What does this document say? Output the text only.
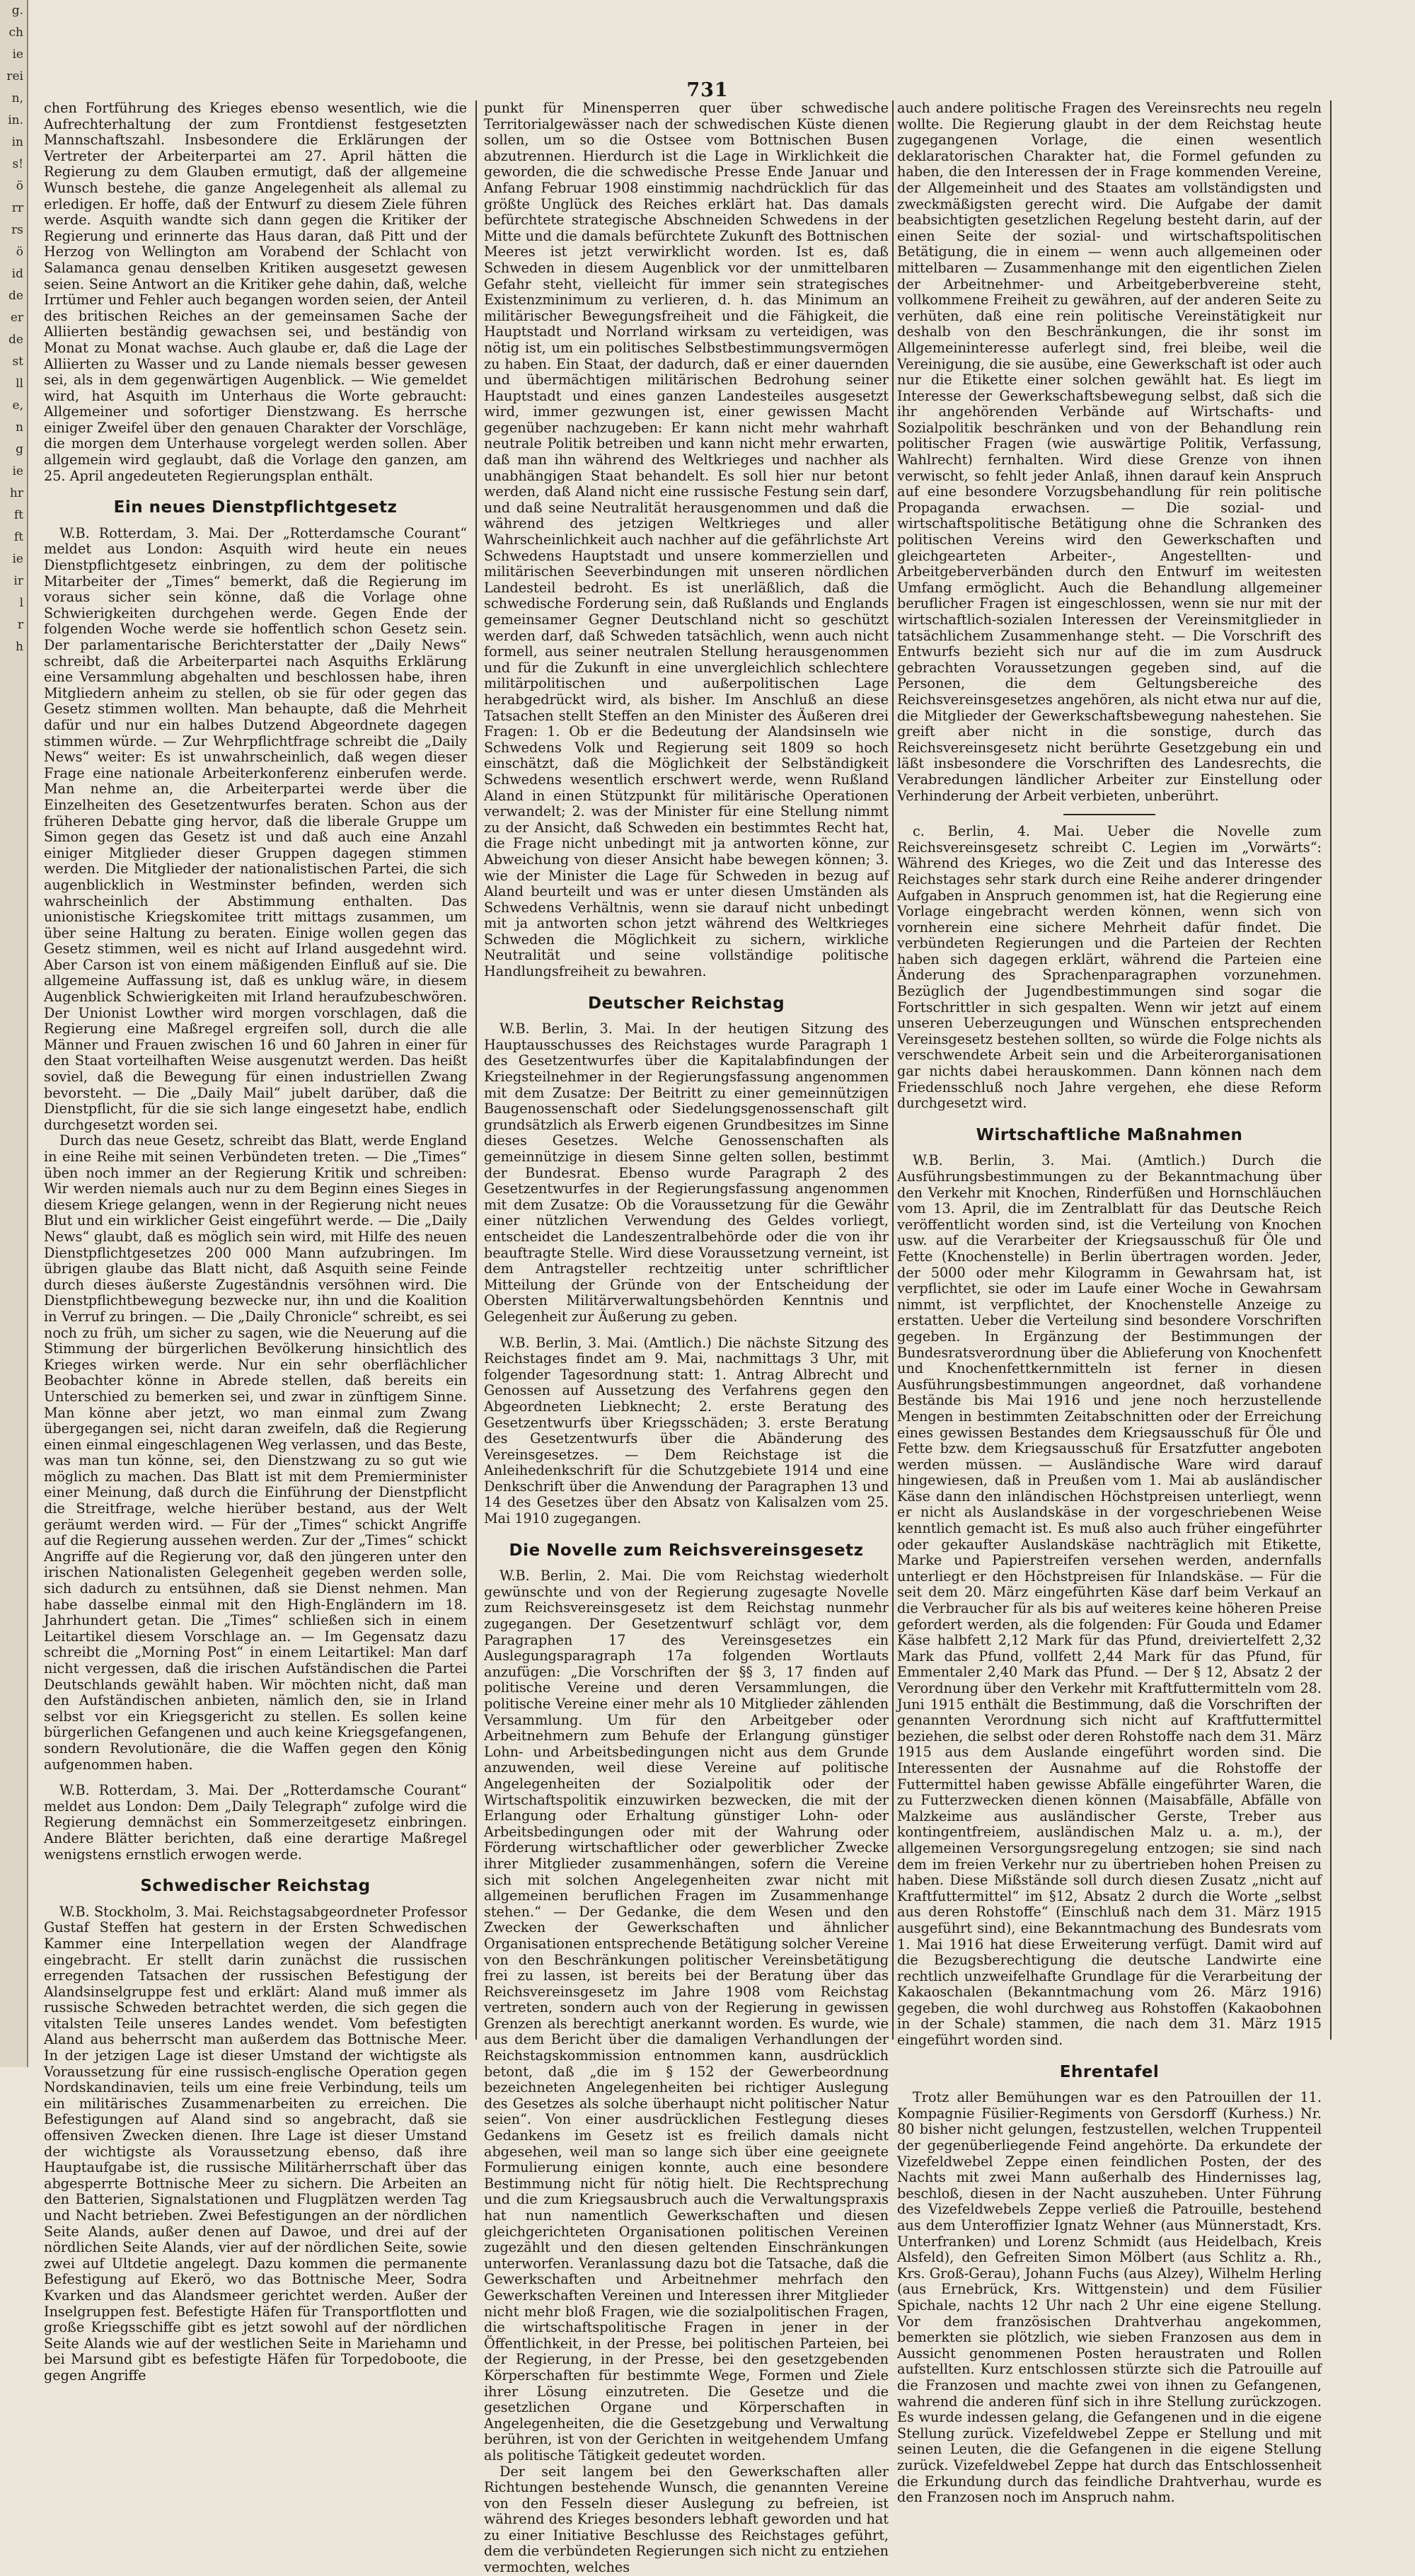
g.
ch
ie
rei
n,
in.
in
s!
ö
rr
rs
ö
id
de
er
de
st
ll
e,
n
g
ie
hr
ft
ft
ie
ir
l
r
h
731

chen Fortführung des Krieges ebenso wesentlich, wie die Aufrechterhaltung der zum Frontdienst festgesetzten Mannschaftszahl. Insbesondere die Erklärungen der Vertreter der Arbeiterpartei am 27. April hätten die Regierung zu dem Glauben ermutigt, daß der allgemeine Wunsch bestehe, die ganze Angelegenheit als allemal zu erledigen. Er hoffe, daß der Entwurf zu diesem Ziele führen werde. Asquith wandte sich dann gegen die Kritiker der Regierung und erinnerte das Haus daran, daß Pitt und der Herzog von Wellington am Vorabend der Schlacht von Salamanca genau denselben Kritiken ausgesetzt gewesen seien. Seine Antwort an die Kritiker gehe dahin, daß, welche Irrtümer und Fehler auch begangen worden seien, der Anteil des britischen Reiches an der gemeinsamen Sache der Alliierten beständig gewachsen sei, und beständig von Monat zu Monat wachse. Auch glaube er, daß die Lage der Alliierten zu Wasser und zu Lande niemals besser gewesen sei, als in dem gegenwärtigen Augenblick. — Wie gemeldet wird, hat Asquith im Unterhaus die Worte gebraucht: Allgemeiner und sofortiger Dienstzwang. Es herrsche einiger Zweifel über den genauen Charakter der Vorschläge, die morgen dem Unterhause vorgelegt werden sollen. Aber allgemein wird geglaubt, daß die Vorlage den ganzen, am 25. April angedeuteten Regierungsplan enthält.

Ein neues Dienstpflichtgesetz

W.B. Rotterdam, 3. Mai. Der „Rotterdamsche Courant“ meldet aus London: Asquith wird heute ein neues Dienstpflichtgesetz einbringen, zu dem der politische Mitarbeiter der „Times“ bemerkt, daß die Regierung im voraus sicher sein könne, daß die Vorlage ohne Schwierigkeiten durchgehen werde. Gegen Ende der folgenden Woche werde sie hoffentlich schon Gesetz sein. Der parlamentarische Berichterstatter der „Daily News“ schreibt, daß die Arbeiterpartei nach Asquiths Erklärung eine Versammlung abgehalten und beschlossen habe, ihren Mitgliedern anheim zu stellen, ob sie für oder gegen das Gesetz stimmen wollten. Man behaupte, daß die Mehrheit dafür und nur ein halbes Dutzend Abgeordnete dagegen stimmen würde. — Zur Wehrpflichtfrage schreibt die „Daily News“ weiter: Es ist unwahrscheinlich, daß wegen dieser Frage eine nationale Arbeiterkonferenz einberufen werde. Man nehme an, die Arbeiterpartei werde über die Einzelheiten des Gesetzentwurfes beraten. Schon aus der früheren Debatte ging hervor, daß die liberale Gruppe um Simon gegen das Gesetz ist und daß auch eine Anzahl einiger Mitglieder dieser Gruppen dagegen stimmen werden. Die Mitglieder der nationalistischen Partei, die sich augenblicklich in Westminster befinden, werden sich wahrscheinlich der Abstimmung enthalten. Das unionistische Kriegskomitee tritt mittags zusammen, um über seine Haltung zu beraten. Einige wollen gegen das Gesetz stimmen, weil es nicht auf Irland ausgedehnt wird. Aber Carson ist von einem mäßigenden Einfluß auf sie. Die allgemeine Auffassung ist, daß es unklug wäre, in diesem Augenblick Schwierigkeiten mit Irland heraufzubeschwören. Der Unionist Lowther wird morgen vorschlagen, daß die Regierung eine Maßregel ergreifen soll, durch die alle Männer und Frauen zwischen 16 und 60 Jahren in einer für den Staat vorteilhaften Weise ausgenutzt werden. Das heißt soviel, daß die Bewegung für einen industriellen Zwang bevorsteht. — Die „Daily Mail“ jubelt darüber, daß die Dienstpflicht, für die sie sich lange eingesetzt habe, endlich durchgesetzt worden sei.

Durch das neue Gesetz, schreibt das Blatt, werde England in eine Reihe mit seinen Verbündeten treten. — Die „Times“ üben noch immer an der Regierung Kritik und schreiben: Wir werden niemals auch nur zu dem Beginn eines Sieges in diesem Kriege gelangen, wenn in der Regierung nicht neues Blut und ein wirklicher Geist eingeführt werde. — Die „Daily News“ glaubt, daß es möglich sein wird, mit Hilfe des neuen Dienstpflichtgesetzes 200 000 Mann aufzubringen. Im übrigen glaube das Blatt nicht, daß Asquith seine Feinde durch dieses äußerste Zugeständnis versöhnen wird. Die Dienstpflichtbewegung bezwecke nur, ihn und die Koalition in Verruf zu bringen. — Die „Daily Chronicle“ schreibt, es sei noch zu früh, um sicher zu sagen, wie die Neuerung auf die Stimmung der bürgerlichen Bevölkerung hinsichtlich des Krieges wirken werde. Nur ein sehr oberflächlicher Beobachter könne in Abrede stellen, daß bereits ein Unterschied zu bemerken sei, und zwar in zünftigem Sinne. Man könne aber jetzt, wo man einmal zum Zwang übergegangen sei, nicht daran zweifeln, daß die Regierung einen einmal eingeschlagenen Weg verlassen, und das Beste, was man tun könne, sei, den Dienstzwang zu so gut wie möglich zu machen. Das Blatt ist mit dem Premierminister einer Meinung, daß durch die Einführung der Dienstpflicht die Streitfrage, welche hierüber bestand, aus der Welt geräumt werden wird. — Für der „Times“ schickt Angriffe auf die Regierung aussehen werden. Zur der „Times“ schickt Angriffe auf die Regierung vor, daß den jüngeren unter den irischen Nationalisten Gelegenheit gegeben werden solle, sich dadurch zu entsühnen, daß sie Dienst nehmen. Man habe dasselbe einmal mit den High-Engländern im 18. Jahrhundert getan. Die „Times“ schließen sich in einem Leitartikel diesem Vorschlage an. — Im Gegensatz dazu schreibt die „Morning Post“ in einem Leitartikel: Man darf nicht vergessen, daß die irischen Aufständischen die Partei Deutschlands gewählt haben. Wir möchten nicht, daß man den Aufständischen anbieten, nämlich den, sie in Irland selbst vor ein Kriegsgericht zu stellen. Es sollen keine bürgerlichen Gefangenen und auch keine Kriegsgefangenen, sondern Revolutionäre, die die Waffen gegen den König aufgenommen haben.

W.B. Rotterdam, 3. Mai. Der „Rotterdamsche Courant“ meldet aus London: Dem „Daily Telegraph“ zufolge wird die Regierung demnächst ein Sommerzeitgesetz einbringen. Andere Blätter berichten, daß eine derartige Maßregel wenigstens ernstlich erwogen werde.

Schwedischer Reichstag

W.B. Stockholm, 3. Mai. Reichstagsabgeordneter Professor Gustaf Steffen hat gestern in der Ersten Schwedischen Kammer eine Interpellation wegen der Alandfrage eingebracht. Er stellt darin zunächst die russischen erregenden Tatsachen der russischen Befestigung der Alandsinselgruppe fest und erklärt: Aland muß immer als russische Schweden betrachtet werden, die sich gegen die vitalsten Teile unseres Landes wendet. Vom befestigten Aland aus beherrscht man außerdem das Bottnische Meer. In der jetzigen Lage ist dieser Umstand der wichtigste als Voraussetzung für eine russisch-englische Operation gegen Nordskandinavien, teils um eine freie Verbindung, teils um ein militärisches Zusammenarbeiten zu erreichen. Die Befestigungen auf Aland sind so angebracht, daß sie offensiven Zwecken dienen. Ihre Lage ist dieser Umstand der wichtigste als Voraussetzung ebenso, daß ihre Hauptaufgabe ist, die russische Militärherrschaft über das abgesperrte Bottnische Meer zu sichern. Die Arbeiten an den Batterien, Signalstationen und Flugplätzen werden Tag und Nacht betrieben. Zwei Befestigungen an der nördlichen Seite Alands, außer denen auf Dawoe, und drei auf der nördlichen Seite Alands, vier auf der nördlichen Seite, sowie zwei auf Ultdetie angelegt. Dazu kommen die permanente Befestigung auf Ekerö, wo das Bottnische Meer, Sodra Kvarken und das Alandsmeer gerichtet werden. Außer der Inselgruppen fest. Befestigte Häfen für Transportflotten und große Kriegsschiffe gibt es jetzt sowohl auf der nördlichen Seite Alands wie auf der westlichen Seite in Mariehamn und bei Marsund gibt es befestigte Häfen für Torpedoboote, die gegen Angriffe

punkt für Minensperren quer über schwedische Territorialgewässer nach der schwedischen Küste dienen sollen, um so die Ostsee vom Bottnischen Busen abzutrennen. Hierdurch ist die Lage in Wirklichkeit die geworden, die die schwedische Presse Ende Januar und Anfang Februar 1908 einstimmig nachdrücklich für das größte Unglück des Reiches erklärt hat. Das damals befürchtete strategische Abschneiden Schwedens in der Mitte und die damals befürchtete Zukunft des Bottnischen Meeres ist jetzt verwirklicht worden. Ist es, daß Schweden in diesem Augenblick vor der unmittelbaren Gefahr steht, vielleicht für immer sein strategisches Existenzminimum zu verlieren, d. h. das Minimum an militärischer Bewegungsfreiheit und die Fähigkeit, die Hauptstadt und Norrland wirksam zu verteidigen, was nötig ist, um ein politisches Selbstbestimmungsvermögen zu haben. Ein Staat, der dadurch, daß er einer dauernden und übermächtigen militärischen Bedrohung seiner Hauptstadt und eines ganzen Landesteiles ausgesetzt wird, immer gezwungen ist, einer gewissen Macht gegenüber nachzugeben: Er kann nicht mehr wahrhaft neutrale Politik betreiben und kann nicht mehr erwarten, daß man ihn während des Weltkrieges und nachher als unabhängigen Staat behandelt. Es soll hier nur betont werden, daß Aland nicht eine russische Festung sein darf, und daß seine Neutralität herausgenommen und daß die während des jetzigen Weltkrieges und aller Wahrscheinlichkeit auch nachher auf die gefährlichste Art Schwedens Hauptstadt und unsere kommerziellen und militärischen Seeverbindungen mit unseren nördlichen Landesteil bedroht. Es ist unerläßlich, daß die schwedische Forderung sein, daß Rußlands und Englands gemeinsamer Gegner Deutschland nicht so geschützt werden darf, daß Schweden tatsächlich, wenn auch nicht formell, aus seiner neutralen Stellung herausgenommen und für die Zukunft in eine unvergleichlich schlechtere militärpolitischen und außerpolitischen Lage herabgedrückt wird, als bisher. Im Anschluß an diese Tatsachen stellt Steffen an den Minister des Äußeren drei Fragen: 1. Ob er die Bedeutung der Alandsinseln wie Schwedens Volk und Regierung seit 1809 so hoch einschätzt, daß die Möglichkeit der Selbständigkeit Schwedens wesentlich erschwert werde, wenn Rußland Aland in einen Stützpunkt für militärische Operationen verwandelt; 2. was der Minister für eine Stellung nimmt zu der Ansicht, daß Schweden ein bestimmtes Recht hat, die Frage nicht unbedingt mit ja antworten könne, zur Abweichung von dieser Ansicht habe bewegen können; 3. wie der Minister die Lage für Schweden in bezug auf Aland beurteilt und was er unter diesen Umständen als Schwedens Verhältnis, wenn sie darauf nicht unbedingt mit ja antworten schon jetzt während des Weltkrieges Schweden die Möglichkeit zu sichern, wirkliche Neutralität und seine vollständige politische Handlungsfreiheit zu bewahren.

Deutscher Reichstag

W.B. Berlin, 3. Mai. In der heutigen Sitzung des Hauptausschusses des Reichstages wurde Paragraph 1 des Gesetzentwurfes über die Kapitalabfindungen der Kriegsteilnehmer in der Regierungsfassung angenommen mit dem Zusatze: Der Beitritt zu einer gemeinnützigen Baugenossenschaft oder Siedelungsgenossenschaft gilt grundsätzlich als Erwerb eigenen Grundbesitzes im Sinne dieses Gesetzes. Welche Genossenschaften als gemeinnützige in diesem Sinne gelten sollen, bestimmt der Bundesrat. Ebenso wurde Paragraph 2 des Gesetzentwurfes in der Regierungsfassung angenommen mit dem Zusatze: Ob die Voraussetzung für die Gewähr einer nützlichen Verwendung des Geldes vorliegt, entscheidet die Landeszentralbehörde oder die von ihr beauftragte Stelle. Wird diese Voraussetzung verneint, ist dem Antragsteller rechtzeitig unter schriftlicher Mitteilung der Gründe von der Entscheidung der Obersten Militärverwaltungsbehörden Kenntnis und Gelegenheit zur Äußerung zu geben.

W.B. Berlin, 3. Mai. (Amtlich.) Die nächste Sitzung des Reichstages findet am 9. Mai, nachmittags 3 Uhr, mit folgender Tagesordnung statt: 1. Antrag Albrecht und Genossen auf Aussetzung des Verfahrens gegen den Abgeordneten Liebknecht; 2. erste Beratung des Gesetzentwurfs über Kriegsschäden; 3. erste Beratung des Gesetzentwurfs über die Abänderung des Vereinsgesetzes. — Dem Reichstage ist die Anleihedenkschrift für die Schutzgebiete 1914 und eine Denkschrift über die Anwendung der Paragraphen 13 und 14 des Gesetzes über den Absatz von Kalisalzen vom 25. Mai 1910 zugegangen.

Die Novelle zum Reichsvereinsgesetz

W.B. Berlin, 2. Mai. Die vom Reichstag wiederholt gewünschte und von der Regierung zugesagte Novelle zum Reichsvereinsgesetz ist dem Reichstag nunmehr zugegangen. Der Gesetzentwurf schlägt vor, dem Paragraphen 17 des Vereinsgesetzes ein Auslegungsparagraph 17a folgenden Wortlauts anzufügen: „Die Vorschriften der §§ 3, 17 finden auf politische Vereine und deren Versammlungen, die politische Vereine einer mehr als 10 Mitglieder zählenden Versammlung. Um für den Arbeitgeber oder Arbeitnehmern zum Behufe der Erlangung günstiger Lohn- und Arbeitsbedingungen nicht aus dem Grunde anzuwenden, weil diese Vereine auf politische Angelegenheiten der Sozialpolitik oder der Wirtschaftspolitik einzuwirken bezwecken, die mit der Erlangung oder Erhaltung günstiger Lohn- oder Arbeitsbedingungen oder mit der Wahrung oder Förderung wirtschaftlicher oder gewerblicher Zwecke ihrer Mitglieder zusammenhängen, sofern die Vereine sich mit solchen Angelegenheiten zwar nicht mit allgemeinen beruflichen Fragen im Zusammenhange stehen.“ — Der Gedanke, die dem Wesen und den Zwecken der Gewerkschaften und ähnlicher Organisationen entsprechende Betätigung solcher Vereine von den Beschränkungen politischer Vereinsbetätigung frei zu lassen, ist bereits bei der Beratung über das Reichsvereinsgesetz im Jahre 1908 vom Reichstag vertreten, sondern auch von der Regierung in gewissen Grenzen als berechtigt anerkannt worden. Es wurde, wie aus dem Bericht über die damaligen Verhandlungen der Reichstagskommission entnommen kann, ausdrücklich betont, daß „die im § 152 der Gewerbeordnung bezeichneten Angelegenheiten bei richtiger Auslegung des Gesetzes als solche überhaupt nicht politischer Natur seien“. Von einer ausdrücklichen Festlegung dieses Gedankens im Gesetz ist es freilich damals nicht abgesehen, weil man so lange sich über eine geeignete Formulierung einigen konnte, auch eine besondere Bestimmung nicht für nötig hielt. Die Rechtsprechung und die zum Kriegsausbruch auch die Verwaltungspraxis hat nun namentlich Gewerkschaften und diesen gleichgerichteten Organisationen politischen Vereinen zugezählt und den diesen geltenden Einschränkungen unterworfen. Veranlassung dazu bot die Tatsache, daß die Gewerkschaften und Arbeitnehmer mehrfach den Gewerkschaften Vereinen und Interessen ihrer Mitglieder nicht mehr bloß Fragen, wie die sozialpolitischen Fragen, die wirtschaftspolitische Fragen in jener in der Öffentlichkeit, in der Presse, bei politischen Parteien, bei der Regierung, in der Presse, bei den gesetzgebenden Körperschaften für bestimmte Wege, Formen und Ziele ihrer Lösung einzutreten. Die Gesetze und die gesetzlichen Organe und Körperschaften in Angelegenheiten, die die Gesetzgebung und Verwaltung berühren, ist von der Gerichten in weitgehendem Umfang als politische Tätigkeit gedeutet worden.

Der seit langem bei den Gewerkschaften aller Richtungen bestehende Wunsch, die genannten Vereine von den Fesseln dieser Auslegung zu befreien, ist während des Krieges besonders lebhaft geworden und hat zu einer Initiative Beschlusse des Reichstages geführt, dem die verbündeten Regierungen sich nicht zu entziehen vermochten, welches

auch andere politische Fragen des Vereinsrechts neu regeln wollte. Die Regierung glaubt in der dem Reichstag heute zugegangenen Vorlage, die einen wesentlich deklaratorischen Charakter hat, die Formel gefunden zu haben, die den Interessen der in Frage kommenden Vereine, der Allgemeinheit und des Staates am vollständigsten und zweckmäßigsten gerecht wird. Die Aufgabe der damit beabsichtigten gesetzlichen Regelung besteht darin, auf der einen Seite der sozial- und wirtschaftspolitischen Betätigung, die in einem — wenn auch allgemeinen oder mittelbaren — Zusammenhange mit den eigentlichen Zielen der Arbeitnehmer- und Arbeitgeberbvereine steht, vollkommene Freiheit zu gewähren, auf der anderen Seite zu verhüten, daß eine rein politische Vereinstätigkeit nur deshalb von den Beschränkungen, die ihr sonst im Allgemeininteresse auferlegt sind, frei bleibe, weil die Vereinigung, die sie ausübe, eine Gewerkschaft ist oder auch nur die Etikette einer solchen gewählt hat. Es liegt im Interesse der Gewerkschaftsbewegung selbst, daß sich die ihr angehörenden Verbände auf Wirtschafts- und Sozialpolitik beschränken und von der Behandlung rein politischer Fragen (wie auswärtige Politik, Verfassung, Wahlrecht) fernhalten. Wird diese Grenze von ihnen verwischt, so fehlt jeder Anlaß, ihnen darauf kein Anspruch auf eine besondere Vorzugsbehandlung für rein politische Propaganda erwachsen. — Die sozial- und wirtschaftspolitische Betätigung ohne die Schranken des politischen Vereins wird den Gewerkschaften und gleichgearteten Arbeiter-, Angestellten- und Arbeitgeberverbänden durch den Entwurf im weitesten Umfang ermöglicht. Auch die Behandlung allgemeiner beruflicher Fragen ist eingeschlossen, wenn sie nur mit der wirtschaftlich-sozialen Interessen der Vereinsmitglieder in tatsächlichem Zusammenhange steht. — Die Vorschrift des Entwurfs bezieht sich nur auf die im zum Ausdruck gebrachten Voraussetzungen gegeben sind, auf die Personen, die dem Geltungsbereiche des Reichsvereinsgesetzes angehören, als nicht etwa nur auf die, die Mitglieder der Gewerkschaftsbewegung nahestehen. Sie greift aber nicht in die sonstige, durch das Reichsvereinsgesetz nicht berührte Gesetzgebung ein und läßt insbesondere die Vorschriften des Landesrechts, die Verabredungen ländlicher Arbeiter zur Einstellung oder Verhinderung der Arbeit verbieten, unberührt.

c. Berlin, 4. Mai. Ueber die Novelle zum Reichsvereinsgesetz schreibt C. Legien im „Vorwärts“: Während des Krieges, wo die Zeit und das Interesse des Reichstages sehr stark durch eine Reihe anderer dringender Aufgaben in Anspruch genommen ist, hat die Regierung eine Vorlage eingebracht werden können, wenn sich von vornherein eine sichere Mehrheit dafür findet. Die verbündeten Regierungen und die Parteien der Rechten haben sich dagegen erklärt, während die Parteien eine Änderung des Sprachenparagraphen vorzunehmen. Bezüglich der Jugendbestimmungen sind sogar die Fortschrittler in sich gespalten. Wenn wir jetzt auf einem unseren Ueberzeugungen und Wünschen entsprechenden Vereinsgesetz bestehen sollten, so würde die Folge nichts als verschwendete Arbeit sein und die Arbeiterorganisationen gar nichts dabei herauskommen. Dann können nach dem Friedensschluß noch Jahre vergehen, ehe diese Reform durchgesetzt wird.

Wirtschaftliche Maßnahmen

W.B. Berlin, 3. Mai. (Amtlich.) Durch die Ausführungsbestimmungen zu der Bekanntmachung über den Verkehr mit Knochen, Rinderfüßen und Hornschläuchen vom 13. April, die im Zentralblatt für das Deutsche Reich veröffentlicht worden sind, ist die Verteilung von Knochen usw. auf die Verarbeiter der Kriegsausschuß für Öle und Fette (Knochenstelle) in Berlin übertragen worden. Jeder, der 5000 oder mehr Kilogramm in Gewahrsam hat, ist verpflichtet, sie oder im Laufe einer Woche in Gewahrsam nimmt, ist verpflichtet, der Knochenstelle Anzeige zu erstatten. Ueber die Verteilung sind besondere Vorschriften gegeben. In Ergänzung der Bestimmungen der Bundesratsverordnung über die Ablieferung von Knochenfett und Knochenfettkernmitteln ist ferner in diesen Ausführungsbestimmungen angeordnet, daß vorhandene Bestände bis Mai 1916 und jene noch herzustellende Mengen in bestimmten Zeitabschnitten oder der Erreichung eines gewissen Bestandes dem Kriegsausschuß für Öle und Fette bzw. dem Kriegsausschuß für Ersatzfutter angeboten werden müssen. — Ausländische Ware wird darauf hingewiesen, daß in Preußen vom 1. Mai ab ausländischer Käse dann den inländischen Höchstpreisen unterliegt, wenn er nicht als Auslandskäse in der vorgeschriebenen Weise kenntlich gemacht ist. Es muß also auch früher eingeführter oder gekaufter Auslandskäse nachträglich mit Etikette, Marke und Papierstreifen versehen werden, andernfalls unterliegt er den Höchstpreisen für Inlandskäse. — Für die seit dem 20. März eingeführten Käse darf beim Verkauf an die Verbraucher für als bis auf weiteres keine höheren Preise gefordert werden, als die folgenden: Für Gouda und Edamer Käse halbfett 2,12 Mark für das Pfund, dreiviertelfett 2,32 Mark das Pfund, vollfett 2,44 Mark für das Pfund, für Emmentaler 2,40 Mark das Pfund. — Der § 12, Absatz 2 der Verordnung über den Verkehr mit Kraftfuttermitteln vom 28. Juni 1915 enthält die Bestimmung, daß die Vorschriften der genannten Verordnung sich nicht auf Kraftfuttermittel beziehen, die selbst oder deren Rohstoffe nach dem 31. März 1915 aus dem Auslande eingeführt worden sind. Die Interessenten der Ausnahme auf die Rohstoffe der Futtermittel haben gewisse Abfälle eingeführter Waren, die zu Futterzwecken dienen können (Maisabfälle, Abfälle von Malzkeime aus ausländischer Gerste, Treber aus kontingentfreiem, ausländischen Malz u. a. m.), der allgemeinen Versorgungsregelung entzogen; sie sind nach dem im freien Verkehr nur zu übertrieben hohen Preisen zu haben. Diese Mißstände soll durch diesen Zusatz „nicht auf Kraftfuttermittel“ im §12, Absatz 2 durch die Worte „selbst aus deren Rohstoffe“ (Einschluß nach dem 31. März 1915 ausgeführt sind), eine Bekanntmachung des Bundesrats vom 1. Mai 1916 hat diese Erweiterung verfügt. Damit wird auf die Bezugsberechtigung die deutsche Landwirte eine rechtlich unzweifelhafte Grundlage für die Verarbeitung der Kakaoschalen (Bekanntmachung vom 26. März 1916) gegeben, die wohl durchweg aus Rohstoffen (Kakaobohnen in der Schale) stammen, die nach dem 31. März 1915 eingeführt worden sind.

Ehrentafel

Trotz aller Bemühungen war es den Patrouillen der 11. Kompagnie Füsilier-Regiments von Gersdorff (Kurhess.) Nr. 80 bisher nicht gelungen, festzustellen, welchen Truppenteil der gegenüberliegende Feind angehörte. Da erkundete der Vizefeldwebel Zeppe einen feindlichen Posten, der des Nachts mit zwei Mann außerhalb des Hindernisses lag, beschloß, diesen in der Nacht auszuheben. Unter Führung des Vizefeldwebels Zeppe verließ die Patrouille, bestehend aus dem Unteroffizier Ignatz Wehner (aus Münnerstadt, Krs. Unterfranken) und Lorenz Schmidt (aus Heidelbach, Kreis Alsfeld), den Gefreiten Simon Mölbert (aus Schlitz a. Rh., Krs. Groß-Gerau), Johann Fuchs (aus Alzey), Wilhelm Herling (aus Ernebrück, Krs. Wittgenstein) und dem Füsilier Spichale, nachts 12 Uhr nach 2 Uhr eine eigene Stellung. Vor dem französischen Drahtverhau angekommen, bemerkten sie plötzlich, wie sieben Franzosen aus dem in Aussicht genommenen Posten heraustraten und Rollen aufstellten. Kurz entschlossen stürzte sich die Patrouille auf die Franzosen und machte zwei von ihnen zu Gefangenen, wahrend die anderen fünf sich in ihre Stellung zurückzogen. Es wurde indessen gelang, die Gefangenen und in die eigene Stellung zurück. Vizefeldwebel Zeppe er Stellung und mit seinen Leuten, die die Gefangenen in die eigene Stellung zurück. Vizefeldwebel Zeppe hat durch das Entschlossenheit die Erkundung durch das feindliche Drahtverhau, wurde es den Franzosen noch im Anspruch nahm.
